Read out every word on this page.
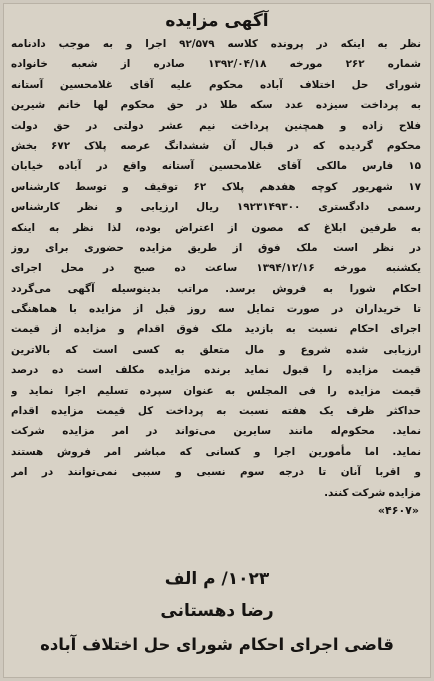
آگهی مزایده
نظر به اینکه در پرونده کلاسه ۹۲/۵۷۹ اجرا و به موجب دادنامه
شماره ۲۶۲ مورخه ۱۳۹۲/۰۴/۱۸ صادره از شعبه خانواده
شورای حل اختلاف آباده محکوم علیه آقای غلامحسین آستانه
به پرداخت سیزده عدد سکه طلا در حق محکوم لها خانم شیرین
فلاح زاده و همچنین پرداخت نیم عشر دولتی در حق دولت
محکوم گردیده که در قبال آن ششدانگ عرصه پلاک ۶۷۲ بخش
۱۵ فارس مالکی آقای غلامحسین آستانه واقع در آباده خیابان
۱۷ شهریور کوچه هفدهم پلاک ۶۲ توقیف و توسط کارشناس
رسمی دادگستری ۱۹۲۳۱۴۹۳۰۰ ریال ارزیابی و نظر کارشناس
به طرفین ابلاغ که مصون از اعتراض بوده، لذا نظر به اینکه
در نظر است ملک فوق از طریق مزایده حضوری برای روز
یکشنبه مورخه ۱۳۹۴/۱۲/۱۶ ساعت ده صبح در محل اجرای
احکام شورا به فروش برسد. مراتب بدینوسیله آگهی می‌گردد
تا خریداران در صورت تمایل سه روز قبل از مزایده با هماهنگی
اجرای احکام نسبت به بازدید ملک فوق اقدام و مزایده از قیمت
ارزیابی شده شروع و مال متعلق به کسی است که بالاترین
قیمت مزایده را قبول نماید برنده مزایده مکلف است ده درصد
قیمت مزایده را فی المجلس به عنوان سپرده تسلیم اجرا نماید و
حداکثر ظرف یک هفته نسبت به پرداخت کل قیمت مزایده اقدام
نماید. محکوم‌له مانند سایرین می‌تواند در امر مزایده شرکت
نماید. اما مأمورین اجرا و کسانی که مباشر امر فروش هستند
و اقربا آنان تا درجه سوم نسبی و سببی نمی‌توانند در امر
مزایده شرکت کنند.
«۴۶۰۷»
۱۰۲۳/ م الف
رضا دهستانی
قاضی اجرای احکام شورای حل اختلاف آباده
